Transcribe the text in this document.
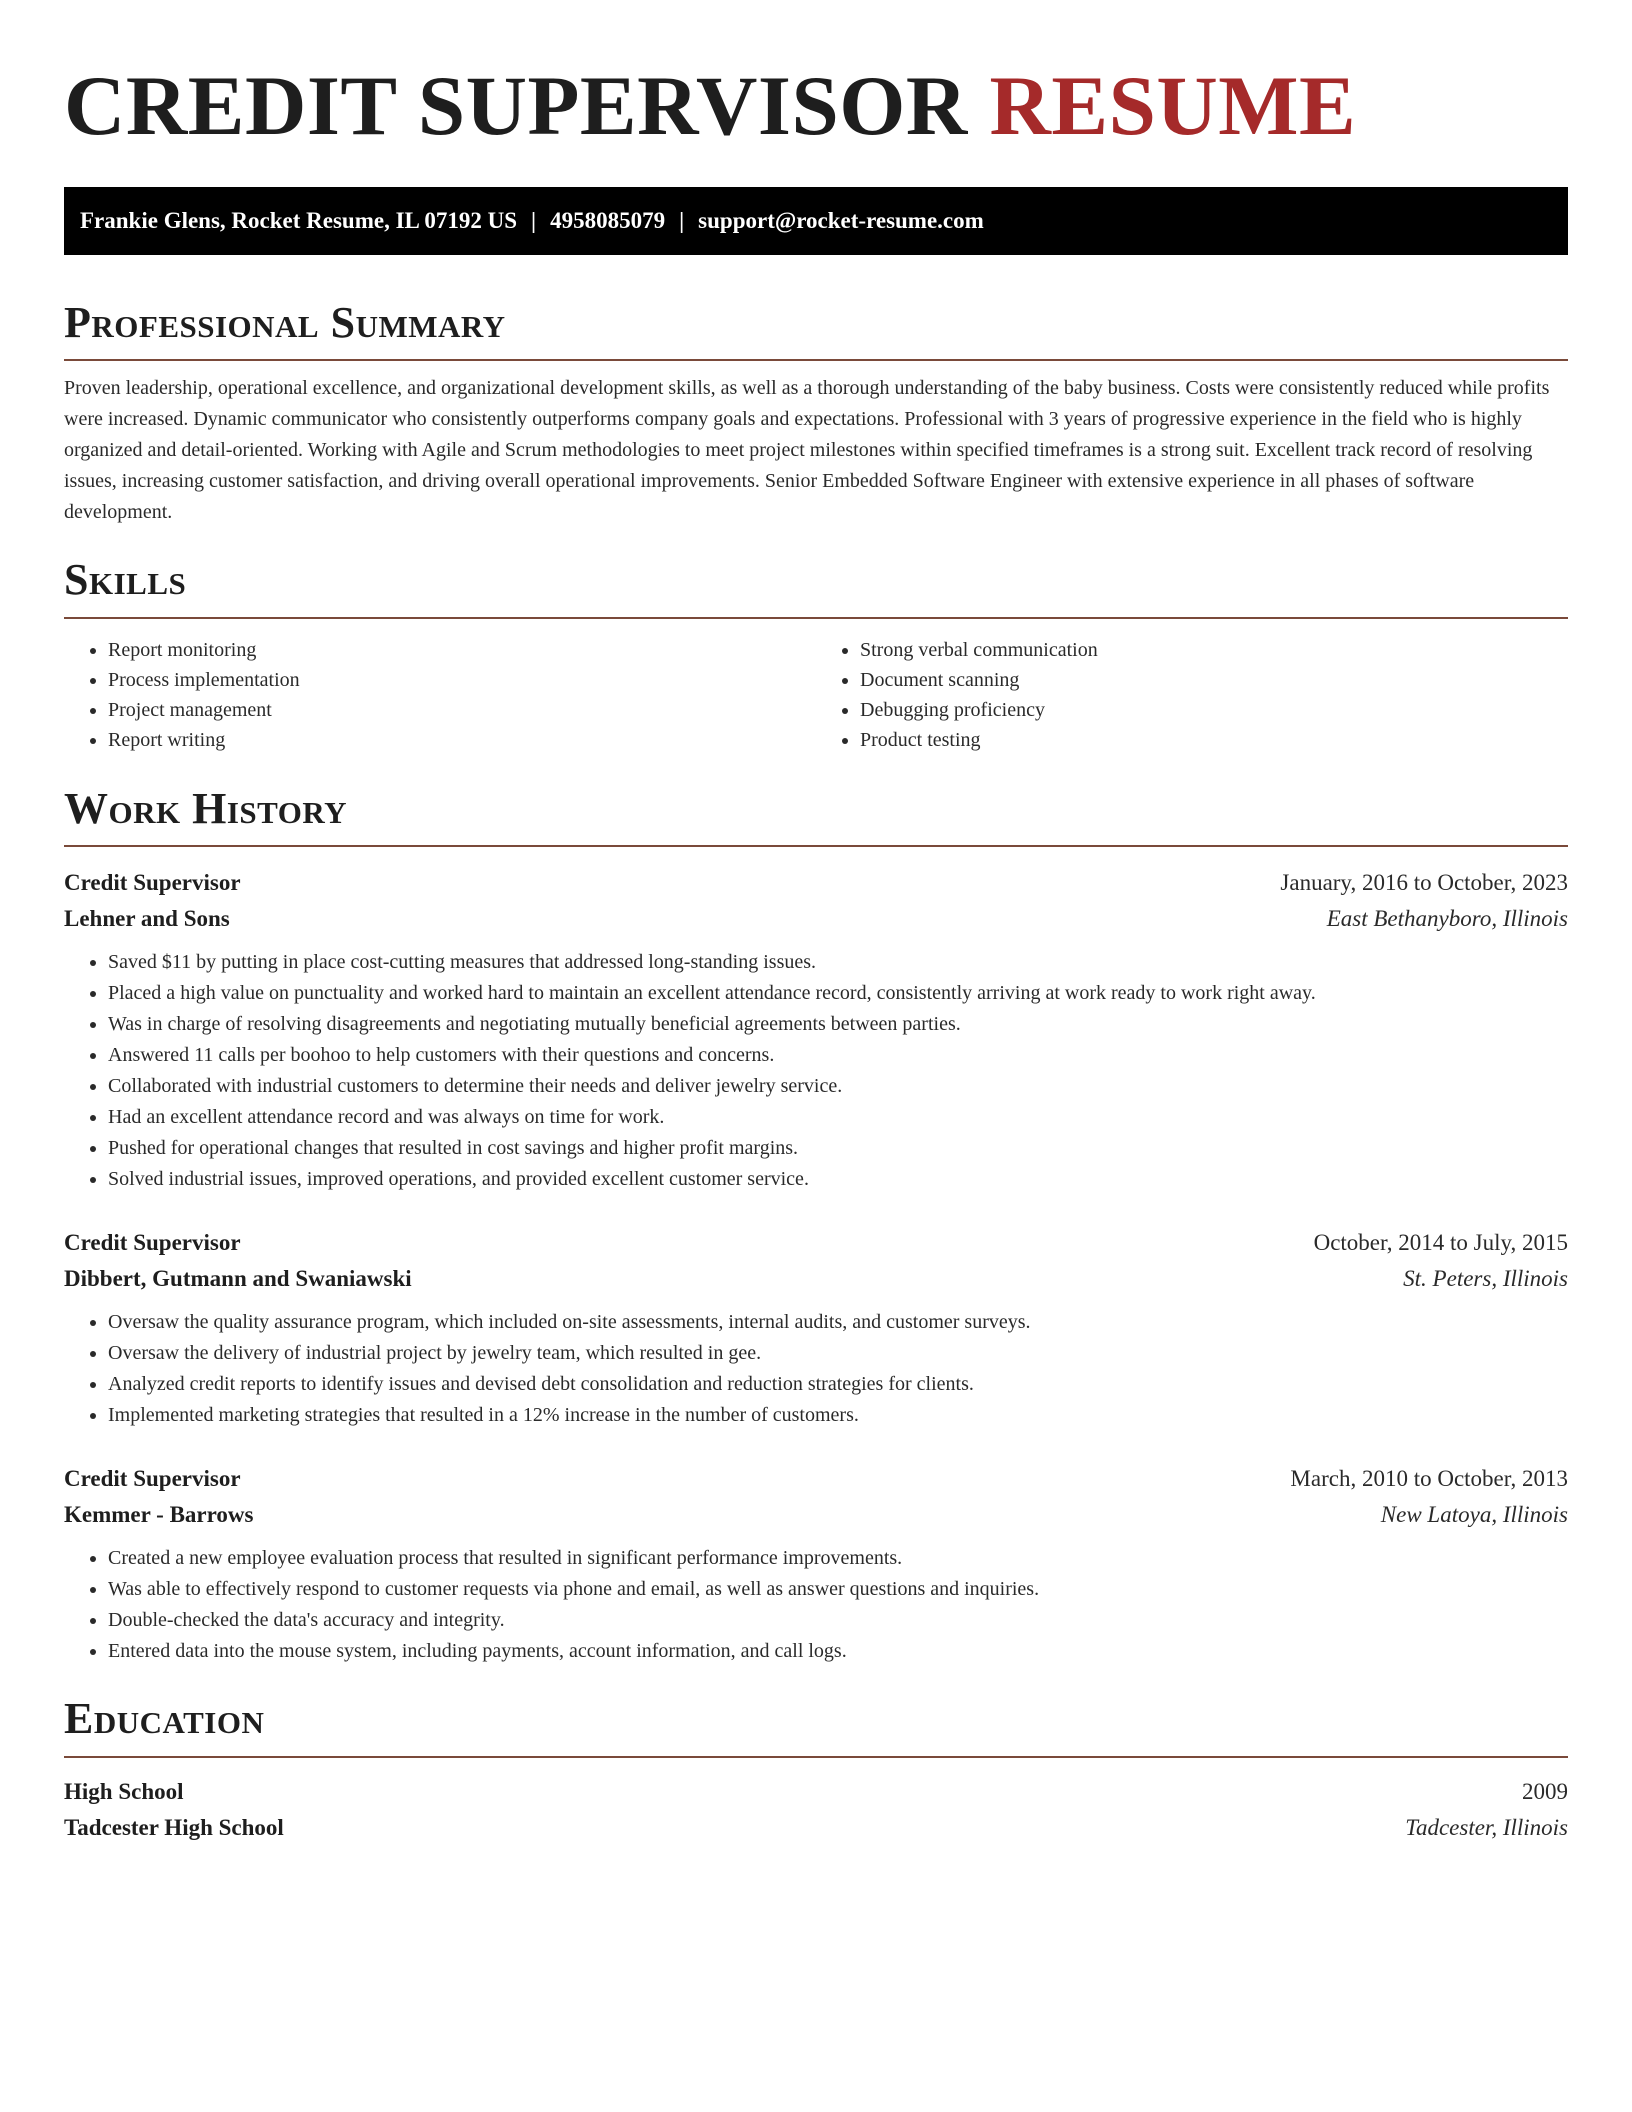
CREDIT SUPERVISOR RESUME
Frankie Glens, Rocket Resume, IL 07192 US | 4958085079 | support@rocket-resume.com
Professional Summary

Proven leadership, operational excellence, and organizational development skills, as well as a thorough understanding of the baby business. Costs were consistently reduced while profits were increased. Dynamic communicator who consistently outperforms company goals and expectations. Professional with 3 years of progressive experience in the field who is highly organized and detail-oriented. Working with Agile and Scrum methodologies to meet project milestones within specified timeframes is a strong suit. Excellent track record of resolving issues, increasing customer satisfaction, and driving overall operational improvements. Senior Embedded Software Engineer with extensive experience in all phases of software development.

Skills
• Report monitoring
• Process implementation
• Project management
• Report writing
• Strong verbal communication
• Document scanning
• Debugging proficiency
• Product testing
Work History
Credit Supervisor	January, 2016 to October, 2023
Lehner and Sons	East Bethanyboro, Illinois
• Saved $11 by putting in place cost-cutting measures that addressed long-standing issues.
• Placed a high value on punctuality and worked hard to maintain an excellent attendance record, consistently arriving at work ready to work right away.
• Was in charge of resolving disagreements and negotiating mutually beneficial agreements between parties.
• Answered 11 calls per boohoo to help customers with their questions and concerns.
• Collaborated with industrial customers to determine their needs and deliver jewelry service.
• Had an excellent attendance record and was always on time for work.
• Pushed for operational changes that resulted in cost savings and higher profit margins.
• Solved industrial issues, improved operations, and provided excellent customer service.
Credit Supervisor	October, 2014 to July, 2015
Dibbert, Gutmann and Swaniawski	St. Peters, Illinois
• Oversaw the quality assurance program, which included on-site assessments, internal audits, and customer surveys.
• Oversaw the delivery of industrial project by jewelry team, which resulted in gee.
• Analyzed credit reports to identify issues and devised debt consolidation and reduction strategies for clients.
• Implemented marketing strategies that resulted in a 12% increase in the number of customers.
Credit Supervisor	March, 2010 to October, 2013
Kemmer - Barrows	New Latoya, Illinois
• Created a new employee evaluation process that resulted in significant performance improvements.
• Was able to effectively respond to customer requests via phone and email, as well as answer questions and inquiries.
• Double-checked the data's accuracy and integrity.
• Entered data into the mouse system, including payments, account information, and call logs.
Education
High School	2009
Tadcester High School	Tadcester, Illinois
